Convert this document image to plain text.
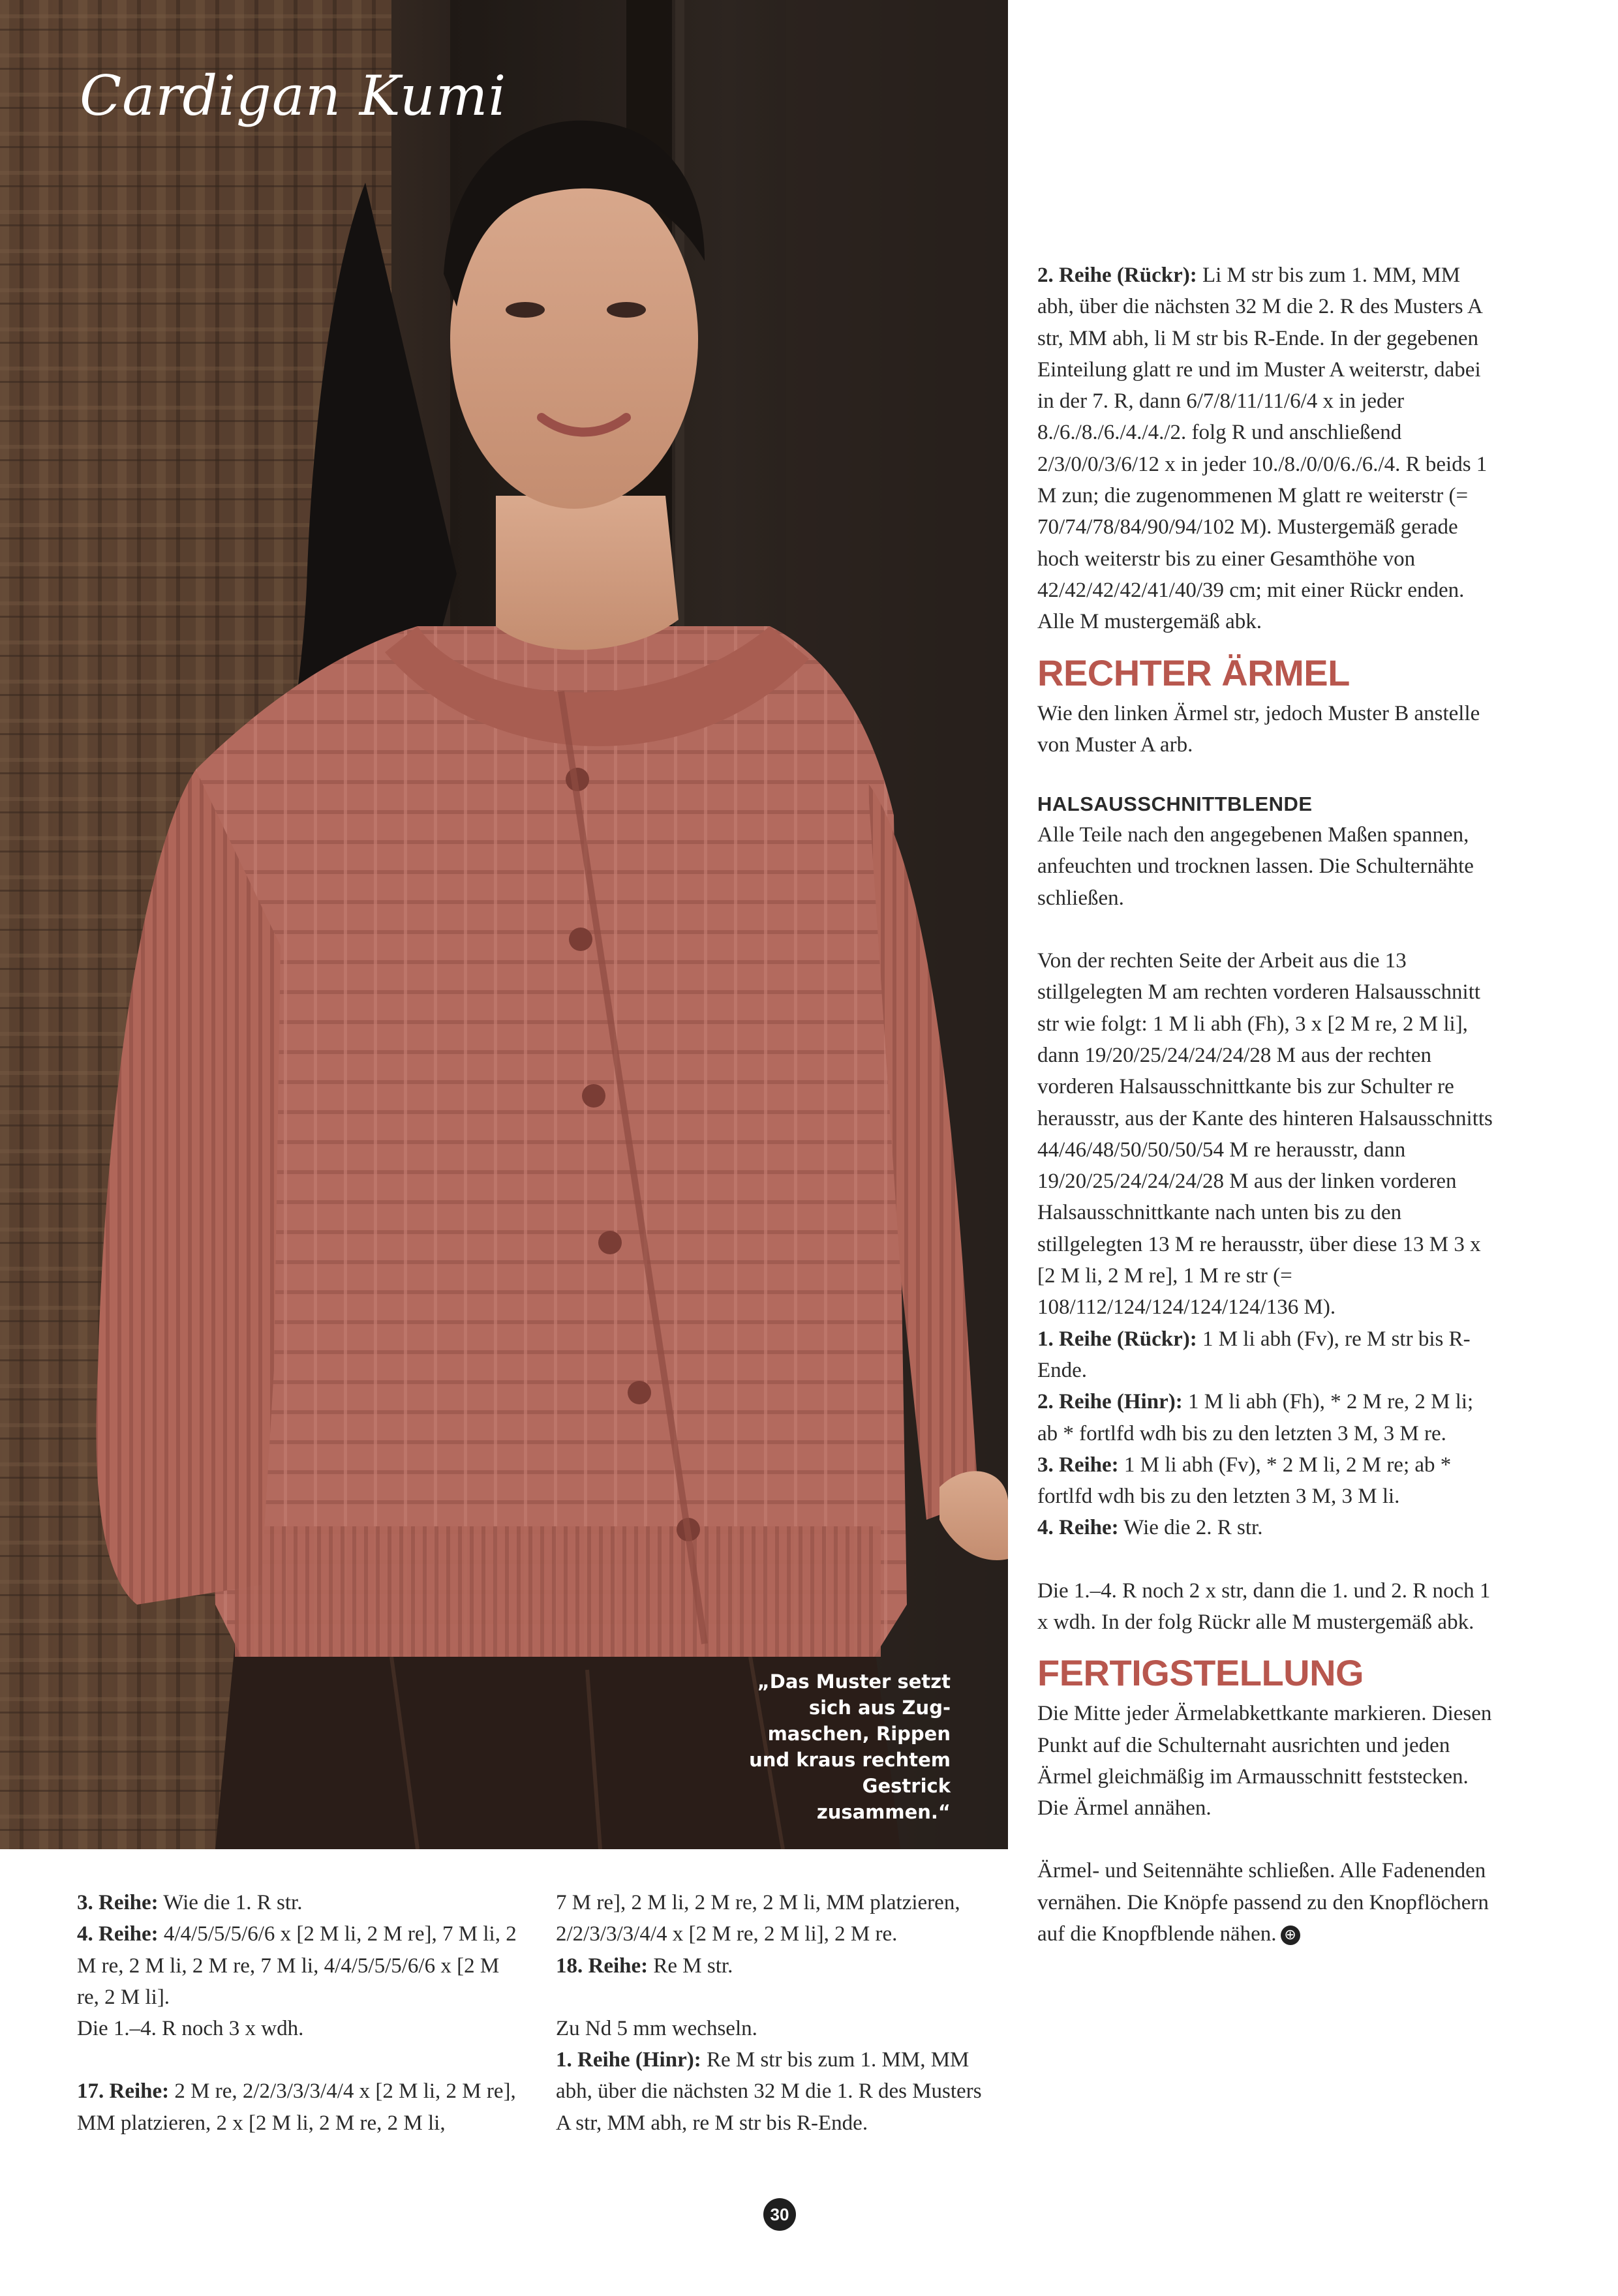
Cardigan Kumi
„Das Muster setzt sich aus Zug-maschen, Rippen und kraus rechtem Gestrick zusammen.“

2. Reihe (Rückr): Li M str bis zum 1. MM, MM abh, über die nächsten 32 M die 2. R des Musters A str, MM abh, li M str bis R-Ende. In der gegebenen Einteilung glatt re und im Muster A weiterstr, dabei in der 7. R, dann 6/7/8/11/11/6/4 x in jeder 8./6./8./6./4./4./2. folg R und anschließend 2/3/0/0/3/6/12 x in jeder 10./8./0/0/6./6./4. R beids 1 M zun; die zugenommenen M glatt re weiterstr (= 70/74/78/84/90/94/102 M). Mustergemäß gerade hoch weiterstr bis zu einer Gesamthöhe von 42/42/42/42/41/40/39 cm; mit einer Rückr enden. Alle M mustergemäß abk.

RECHTER ÄRMEL

Wie den linken Ärmel str, jedoch Muster B anstelle von Muster A arb.

HALSAUSSCHNITTBLENDE

Alle Teile nach den angegebenen Maßen spannen, anfeuchten und trocknen lassen. Die Schulternähte schließen.

Von der rechten Seite der Arbeit aus die 13 stillgelegten M am rechten vorderen Halsausschnitt str wie folgt: 1 M li abh (Fh), 3 x [2 M re, 2 M li], dann 19/20/25/24/24/24/28 M aus der rechten vorderen Halsausschnittkante bis zur Schulter re herausstr, aus der Kante des hinteren Halsausschnitts 44/46/48/50/50/50/54 M re herausstr, dann 19/20/25/24/24/24/28 M aus der linken vorderen Halsausschnittkante nach unten bis zu den stillgelegten 13 M re herausstr, über diese 13 M 3 x [2 M li, 2 M re], 1 M re str (= 108/112/124/124/124/124/136 M).

1. Reihe (Rückr): 1 M li abh (Fv), re M str bis R-Ende.

2. Reihe (Hinr): 1 M li abh (Fh), * 2 M re, 2 M li; ab * fortlfd wdh bis zu den letzten 3 M, 3 M re.

3. Reihe: 1 M li abh (Fv), * 2 M li, 2 M re; ab * fortlfd wdh bis zu den letzten 3 M, 3 M li.

4. Reihe: Wie die 2. R str.

Die 1.–4. R noch 2 x str, dann die 1. und 2. R noch 1 x wdh. In der folg Rückr alle M mustergemäß abk.

FERTIGSTELLUNG

Die Mitte jeder Ärmelabkettkante markieren. Diesen Punkt auf die Schulternaht ausrichten und jeden Ärmel gleichmäßig im Armausschnitt feststecken. Die Ärmel annähen.

Ärmel- und Seitennähte schließen. Alle Fadenenden vernähen. Die Knöpfe passend zu den Knopflöchern auf die Knopfblende nähen. ⊕

3. Reihe: Wie die 1. R str.

4. Reihe: 4/4/5/5/5/6/6 x [2 M li, 2 M re], 7 M li, 2 M re, 2 M li, 2 M re, 7 M li, 4/4/5/5/5/6/6 x [2 M re, 2 M li].

Die 1.–4. R noch 3 x wdh.

17. Reihe: 2 M re, 2/2/3/3/3/4/4 x [2 M li, 2 M re], MM platzieren, 2 x [2 M li, 2 M re, 2 M li,

7 M re], 2 M li, 2 M re, 2 M li, MM platzieren, 2/2/3/3/3/4/4 x [2 M re, 2 M li], 2 M re.

18. Reihe: Re M str.

Zu Nd 5 mm wechseln.

1. Reihe (Hinr): Re M str bis zum 1. MM, MM abh, über die nächsten 32 M die 1. R des Musters A str, MM abh, re M str bis R-Ende.

30
